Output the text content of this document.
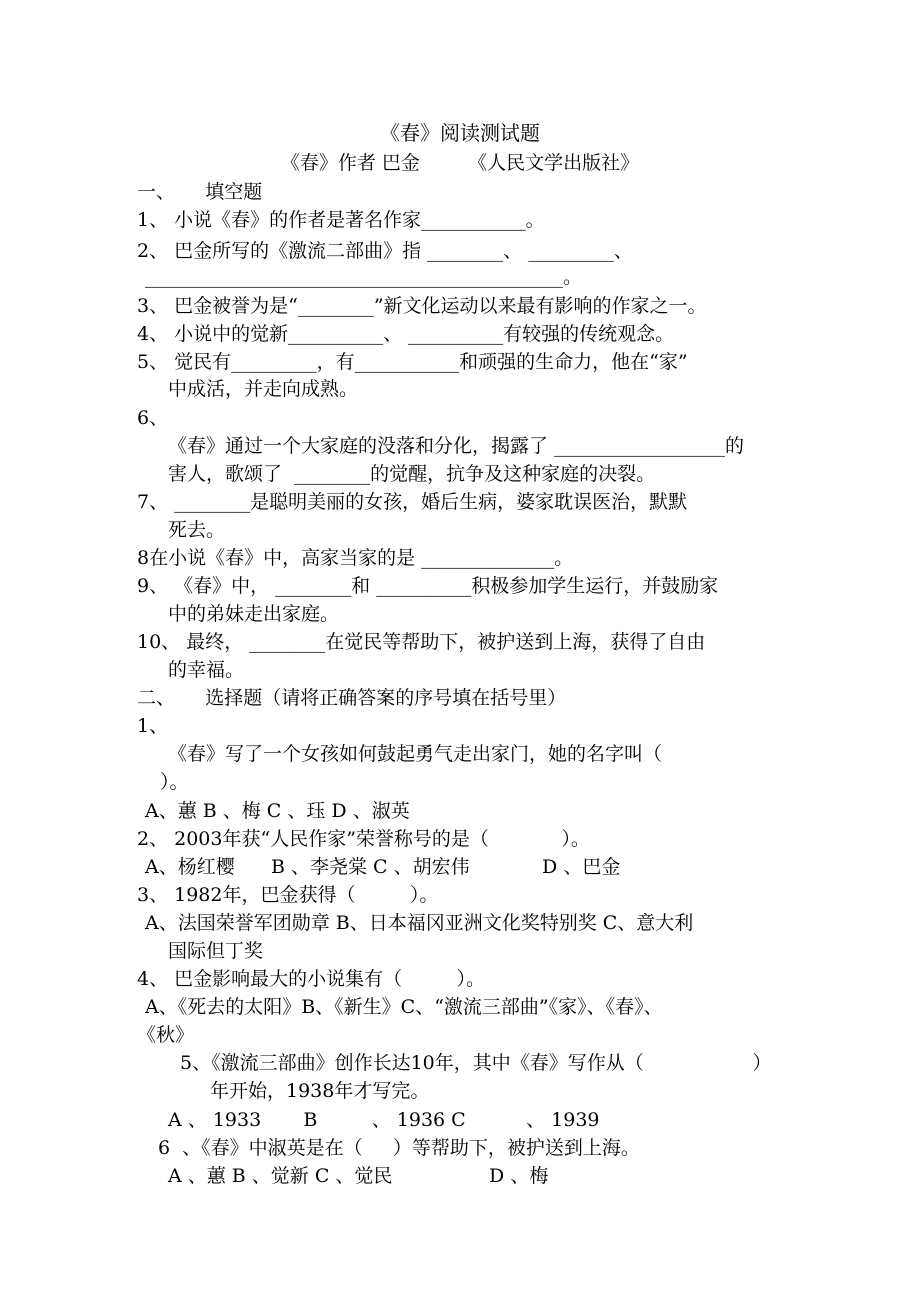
《春》阅读测试题
《春》作者 巴金        《人民文学出版社》
一、     填空题
1、 小说《春》的作者是著名作家___________。
2、 巴金所写的《激流二部曲》指 ________、 _________、
____________________________________________。
3、 巴金被誉为是“________”新文化运动以来最有影响的作家之一。
4、 小说中的觉新__________、 __________有较强的传统观念。
5、 觉民有_________，有___________和顽强的生命力，他在“家”
中成活，并走向成熟。
6、
《春》通过一个大家庭的没落和分化，揭露了 __________________的
害人，歌颂了  ________的觉醒，抗争及这种家庭的决裂。
7、 ________是聪明美丽的女孩，婚后生病，婆家耽误医治，默默
死去。
8在小说《春》中，高家当家的是 ______________。
9、 《春》中， ________和 __________积极参加学生运行，并鼓励家
中的弟妹走出家庭。
10、 最终， ________在觉民等帮助下，被护送到上海，获得了自由
的幸福。
二、     选择题（请将正确答案的序号填在括号里）
1、
《春》写了一个女孩如何鼓起勇气走出家门，她的名字叫（
）。
A、蕙 B 、梅 C 、珏 D 、淑英
2、 2003年获“人民作家”荣誉称号的是（            ）。
A、杨红樱      B 、李尧棠 C 、胡宏伟            D 、巴金
3、 1982年，巴金获得（         ）。
A、法国荣誉军团勋章 B、日本福冈亚洲文化奖特别奖 C、意大利
国际但丁奖
4、 巴金影响最大的小说集有（         ）。
A、《死去的太阳》B、《新生》C、“激流三部曲”《家》、《春》、
《秋》
5、《激流三部曲》创作长达10年，其中《春》写作从（                  ）
年开始，1938年才写完。
A 、 1933       B         、 1936 C          、 1939
6  、《春》中淑英是在（     ）等帮助下，被护送到上海。
A 、蕙 B 、觉新 C 、觉民                D 、梅
